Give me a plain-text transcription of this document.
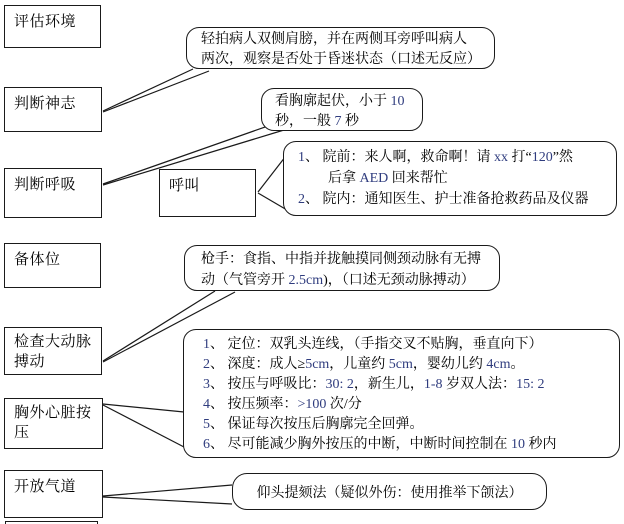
评估环境
判断神志
判断呼吸
备体位
检查大动脉搏动
胸外心脏按压
开放气道
呼叫
轻拍病人双侧肩膀，并在两侧耳旁呼叫病人
两次，观察是否处于昏迷状态（口述无反应）
看胸廓起伏，小于 10
秒，一般 7 秒
1、 院前：来人啊，救命啊！请 xx 打“120”然
后拿 AED 回来帮忙
2、 院内：通知医生、护士准备抢救药品及仪器
枪手：食指、中指并拢触摸同侧颈动脉有无搏
动（气管旁开 2.5cm)，（口述无颈动脉搏动）
1、 定位：双乳头连线，（手指交叉不贴胸，垂直向下）
2、 深度：成人≥5cm，儿童约 5cm，婴幼儿约 4cm。
3、 按压与呼吸比：30: 2，新生儿，1-8 岁双人法：15: 2
4、 按压频率：>100 次/分
5、 保证每次按压后胸廓完全回弹。
6、 尽可能减少胸外按压的中断，中断时间控制在 10 秒内
仰头提颏法（疑似外伤：使用推举下颌法）
